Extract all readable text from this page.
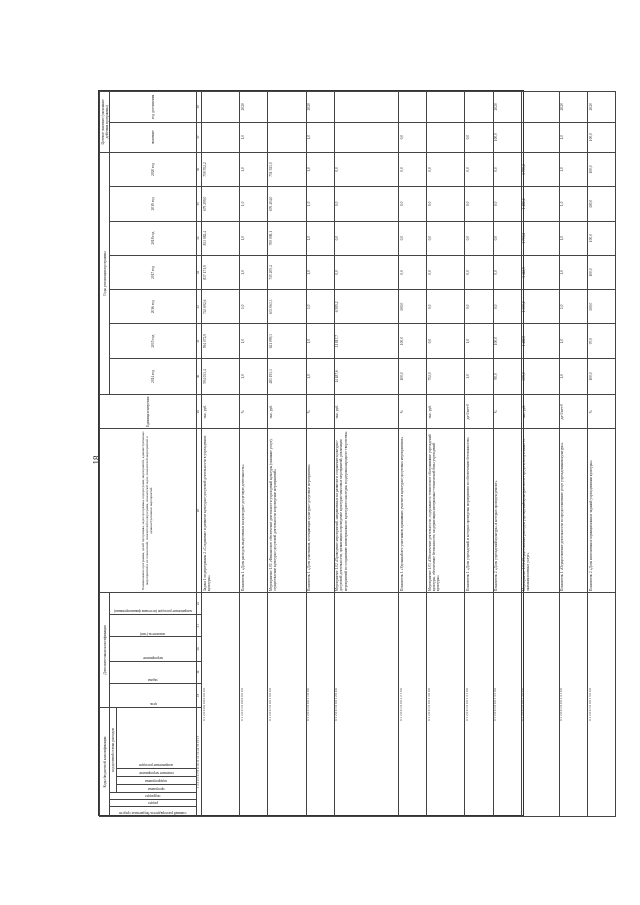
18
Коды бюджетной классификации							Дополнительная классификация					Наименование программы, целей программы, задач программы, подпрограмм, мероприятий, административных мероприятий и их показателей, показателей подпрограмм, показателей задач, показателей мероприятий и административных мероприятий	Единица измерения	Годы реализации программы							Целевое значение (окончание действия программы)	

главный распорядитель бюджетных средств	раздел	подраздел	код целевой статьи расходов				цель	задача	мероприятие	показатель (тип)	направление расходов (источник финансирования)			2014 год	2015 год	2016 год	2017 год	2018 год	2019 год	2020 год	значение	год достижения

			программа	подпрограмма	основное мероприятие	направление расходов																

1 2 3 4 5 6 7 8 9 10 11 12 13 14 15 16 17							18	19	20	21	22	28	29	30	31	32	33	34	35	36	37	38
0 1 2 0 0 0 0 0 0 0 0 0 0 0												Задача 1 подпрограммы 2 «Сохранение и развитие культурно-досуговой деятельности в учреждениях культуры»	тыс. руб.	594 033,4	594 072,9	743 692,6	837 171,9	833 082,4	679 299,0	759 552,2		
0 1 2 0 0 1 0 0 0 0 0 0 0 0												Показатель 1 «Доля расходов, выделенных на культурно-досуговую деятельность»	%	1,0	1,0	1,0	1,0	1,0	1,0	1,0	1,0	2020
0 1 2 0 0 1 0 0 0 1 0 0 0 0												Мероприятие 1.01 «Финансовое обеспечение деятельности учреждений культуры (оказание услуг), осуществление культурно-досуговой деятельности и проведение мероприятий»	тыс. руб.	483 193,3	621 099,3	633 063,3	715 205,4	700 008,1	676 404,0	751 923,0		
0 1 2 0 0 1 0 0 0 1 1 0 0 0												Показатель 1 «Доля участников, посещающих культурно-досуговые мероприятия»	%	1,0	1,0	1,0	1,0	1,0	1,0	1,0	1,0	2020
0 1 2 0 0 1 0 0 0 1 2 0 0 0												Мероприятие 1.02 «Проведение мероприятий, направленных на развитие и сохранение культурно-досуговой деятельности, организация и проведение культурно-массовых мероприятий, реализация мероприятий по сохранению нематериального культурного наследия, поддержка народного творчества»	тыс. руб.	14 187,6	11 817,7	6 595,2	0,0	0,0	0,0	0,0		
0 1 2 0 0 1 0 0 0 1 2 1 0 0												Показатель 1 «Удельный вес участников, принявших участие в культурно-досуговых мероприятиях»	%	100,0	100,0	100,0	0,0	0,0	0,0	0,0	0,0	
0 1 2 0 0 1 0 0 0 1 3 0 0 0												Мероприятие 1.03 «Обеспечение деятельности, содержание и техническое обслуживание учреждений культуры, обеспечение безопасности, модернизация материально-технической базы учреждений культуры»	тыс. руб.	752,0	0,0	0,0	0,0	0,0	0,0	0,0		
0 1 2 0 0 1 0 0 0 1 3 1 0 0												Показатель 1 «Доля учреждений, в которых проведены мероприятия по обеспечению безопасности»	да-1/нет-0	1,0	1,0	0,0	0,0	0,0	0,0	0,0	0,0	
0 1 2 0 0 1 0 0 0 1 3 2 0 0												Показатель 2 «Доля учреждений культуры, в которых проведен ремонт»	%	90,0	100,0	0,0	0,0	0,0	0,0	0,0	100,0	2020
0 1 2 0 0 1 0 0 0 1 4 0 0 0												Мероприятие 1.04 «Осуществление расходов учреждений культуры за счет средств, полученных от оказания платных услуг»	тыс. руб.	309,0	1 482,5	1 300,2	1 442,5	1 700,2	1 482,2	1 700,2		
0 1 2 0 0 1 0 0 0 1 4 1 0 0												Показатель 1 «Осуществление деятельности по предоставлению услуг учреждениями культуры»	да-1/нет-0	1,0	1,0	1,0	1,0	1,0	1,0	1,0	1,0	2020
0 1 2 0 0 1 0 0 0 1 5 0 0 0												Показатель 2 «Доля исполненных муниципальных заданий учреждениями культуры»	%	100,0	97,0	100,0	100,0	100,0	100,0	100,0	100,0	2020
